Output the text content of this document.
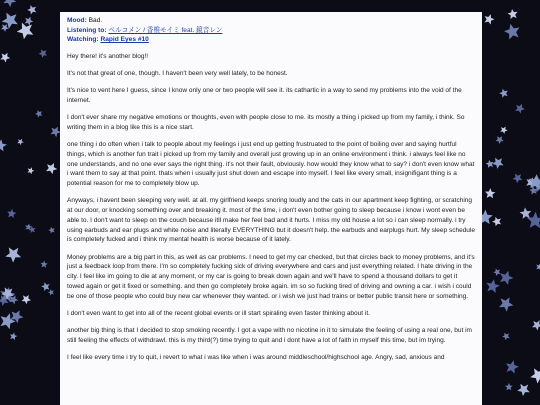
Mood: Bad.
Listening to: ベルコメン / 香椎モイミ feat. 鏡音レン
Watching: Rapid Eyes #10

Hey there! it's another blog!!

It's not that great of one, though. I haven't been very well lately, to be honest.

It's nice to vent here I guess, since I know only one or two people will see it. its cathartic in a way to send my problems into the void of the internet.

I don't ever share my negative emotions or thoughts, even with people close to me. its mostly a thing i picked up from my family, i think. So writing them in a blog like this is a nice start.

one thing i do often when i talk to people about my feelings i just end up getting frustruated to the point of boiling over and saying hurtful things, which is another fun trait i picked up from my family and overall just growing up in an online environment i think. i always feel like no one understands, and no one ever says the right thing. it's not their fault, obviously. how would they know what to say? i don't even know what i want them to say at that point. thats when i usually just shut down and escape into myself. I feel like every small, insignifigant thing is a potential reason for me to completely blow up.

Anyways, i havent been sleeping very well. at all. my girlfriend keeps snoring loudly and the cats in our apartment keep fighting, or scratching at our door, or knocking something over and breaking it. most of the time, i don't even bother going to sleep because i know i wont even be able to. I don't want to sleep on the couch because itll make her feel bad and it hurts. I miss my old house a lot so i can sleep normally. i try using earbuds and ear plugs and white noise and literally EVERYTHING but it doesn't help. the earbuds and earplugs hurt. My sleep schedule is completely fucked and i think my mental health is worse because of it lately.

Money problems are a big part in this, as well as car problems. I need to get my car checked, but that circles back to money problems, and it's just a feedback loop from there. I'm so completely fucking sick of driving everywhere and cars and just everything related. I hate driving in the city. I feel like im going to die at any moment, or my car is going to break down again and we'll have to spend a thousand dollars to get it towed again or get it fixed or something. and then go completely broke again. im so so fucking tired of driving and owning a car. i wish i could be one of those people who could buy new car whenever they wanted. or i wish we just had trains or better public transit here or something.

I don't even want to get into all of the recent global events or ill start spiraling even faster thinking about it.

another big thing is that I decided to stop smoking recently. I got a vape with no nicotine in it to simulate the feeling of using a real one, but im still feeling the effects of withdrawl. this is my third(?) time trying to quit and i dont have a lot of faith in myself this time, but im trying.

I feel like every time i try to quit, i revert to what i was like when i was around middleschool/highschool age. Angry, sad, anxious and
